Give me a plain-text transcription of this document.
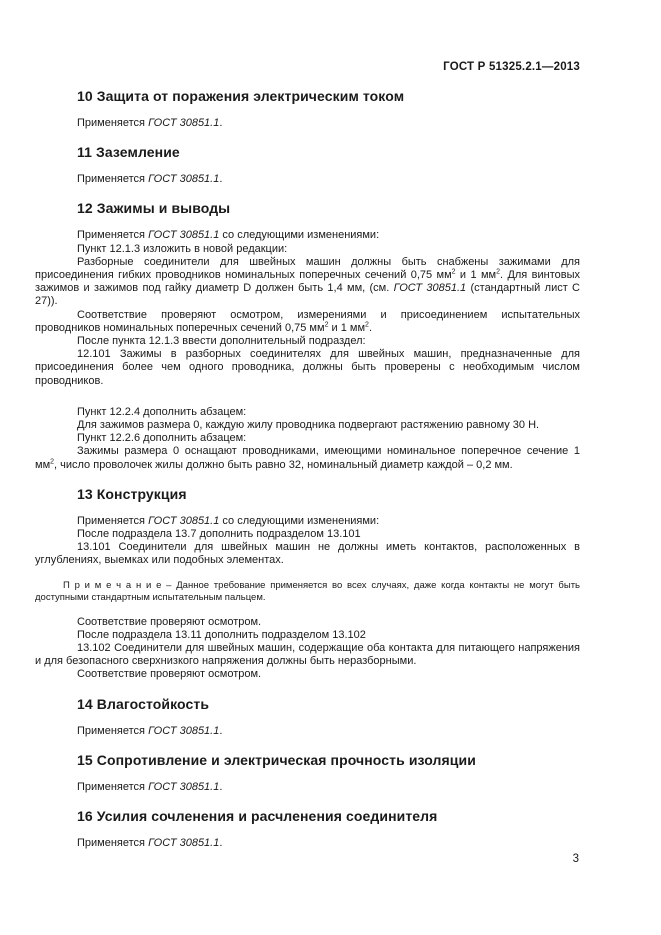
ГОСТ Р 51325.2.1—2013
10 Защита от поражения электрическим током

Применяется ГОСТ 30851.1.

11 Заземление

Применяется ГОСТ 30851.1.

12 Зажимы и выводы

Применяется ГОСТ 30851.1 со следующими изменениями:

Пункт 12.1.3 изложить в новой редакции:

Разборные соединители для швейных машин должны быть снабжены зажимами для присоединения гибких проводников номинальных поперечных сечений 0,75 $мм^2$ и 1 $мм^2$. Для винтовых зажимов и зажимов под гайку диаметр D должен быть 1,4 мм, (см. ГОСТ 30851.1 (стандартный лист С 27)).

Соответствие проверяют осмотром, измерениями и присоединением испытательных проводников номинальных поперечных сечений 0,75 $мм^2$ и 1 $мм^2$.

После пункта 12.1.3 ввести дополнительный подраздел:

12.101 Зажимы в разборных соединителях для швейных машин, предназначенные для присоединения более чем одного проводника, должны быть проверены с необходимым числом проводников.

Пункт 12.2.4 дополнить абзацем:

Для зажимов размера 0, каждую жилу проводника подвергают растяжению равному 30 Н.

Пункт 12.2.6 дополнить абзацем:

Зажимы размера 0 оснащают проводниками, имеющими номинальное поперечное сечение 1 $мм^2$, число проволочек жилы должно быть равно 32, номинальный диаметр каждой – 0,2 мм.

13 Конструкция

Применяется ГОСТ 30851.1 со следующими изменениями:

После подраздела 13.7 дополнить подразделом 13.101

13.101 Соединители для швейных машин не должны иметь контактов, расположенных в углублениях, выемках или подобных элементах.

П р и м е ч а н и е – Данное требование применяется во всех случаях, даже когда контакты не могут быть доступными стандартным испытательным пальцем.

Соответствие проверяют осмотром.

После подраздела 13.11 дополнить подразделом 13.102

13.102 Соединители для швейных машин, содержащие оба контакта для питающего напряжения и для безопасного сверхнизкого напряжения должны быть неразборными.

Соответствие проверяют осмотром.

14 Влагостойкость

Применяется ГОСТ 30851.1.

15 Сопротивление и электрическая прочность изоляции

Применяется ГОСТ 30851.1.

16 Усилия сочленения и расчленения соединителя

Применяется ГОСТ 30851.1.

3
